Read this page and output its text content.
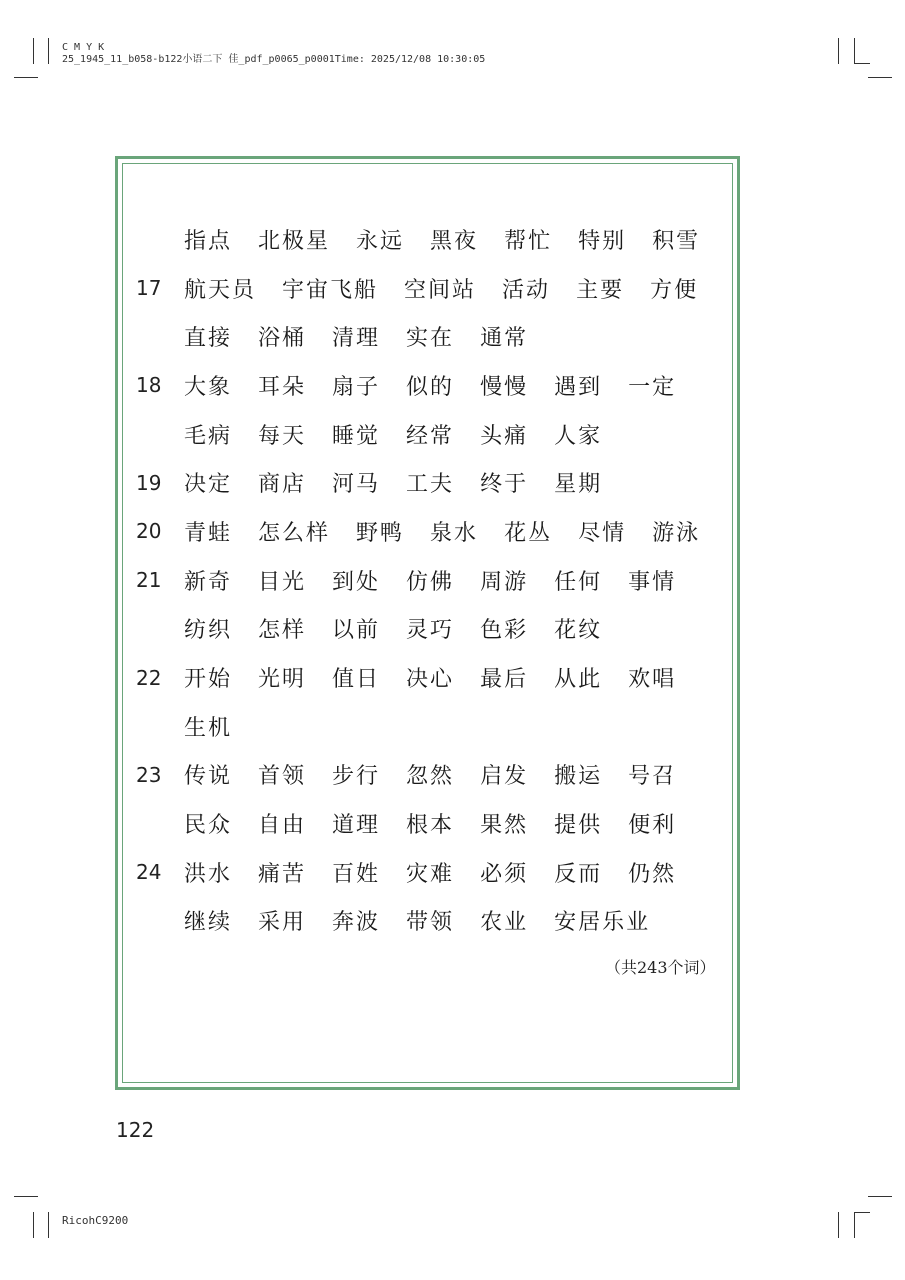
C M Y K
25_1945_11_b058-b122小语二下 佳_pdf_p0065_p0001Time: 2025/12/08 10:30:05
指点 北极星 永远 黑夜 帮忙 特别 积雪
17	航天员 宇宙飞船 空间站 活动 主要 方便
直接 浴桶 清理 实在 通常
18	大象 耳朵 扇子 似的 慢慢 遇到 一定
毛病 每天 睡觉 经常 头痛 人家
19	决定 商店 河马 工夫 终于 星期
20	青蛙 怎么样 野鸭 泉水 花丛 尽情 游泳
21	新奇 目光 到处 仿佛 周游 任何 事情
纺织 怎样 以前 灵巧 色彩 花纹
22	开始 光明 值日 决心 最后 从此 欢唱
生机
23	传说 首领 步行 忽然 启发 搬运 号召
民众 自由 道理 根本 果然 提供 便利
24	洪水 痛苦 百姓 灾难 必须 反而 仍然
继续 采用 奔波 带领 农业 安居乐业
（共243个词）
122
RicohC9200
